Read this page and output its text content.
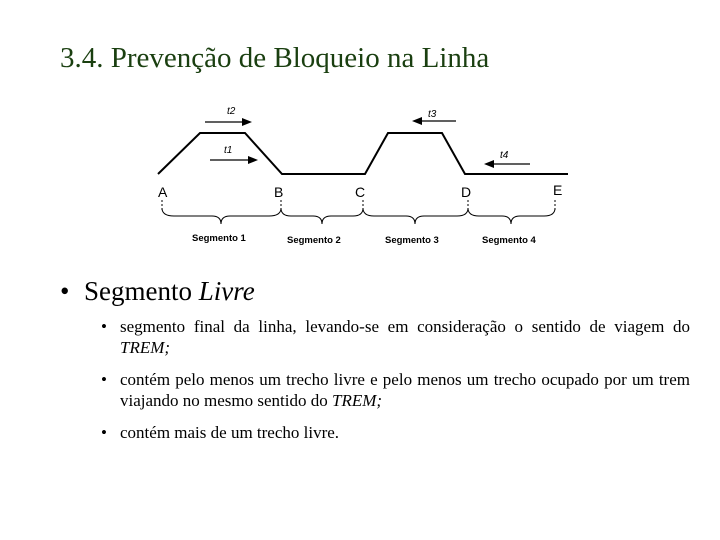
3.4. Prevenção de Bloqueio na Linha
t2
t1
t3
t4
A	B	C	D	E
Segmento 1	Segmento 2	Segmento 3	Segmento 4
• Segmento Livre
• segmento final da linha, levando-se em consideração o sentido de viagem do TREM;
• contém pelo menos um trecho livre e pelo menos um trecho ocupado por um trem viajando no mesmo sentido do TREM;
• contém mais de um trecho livre.
